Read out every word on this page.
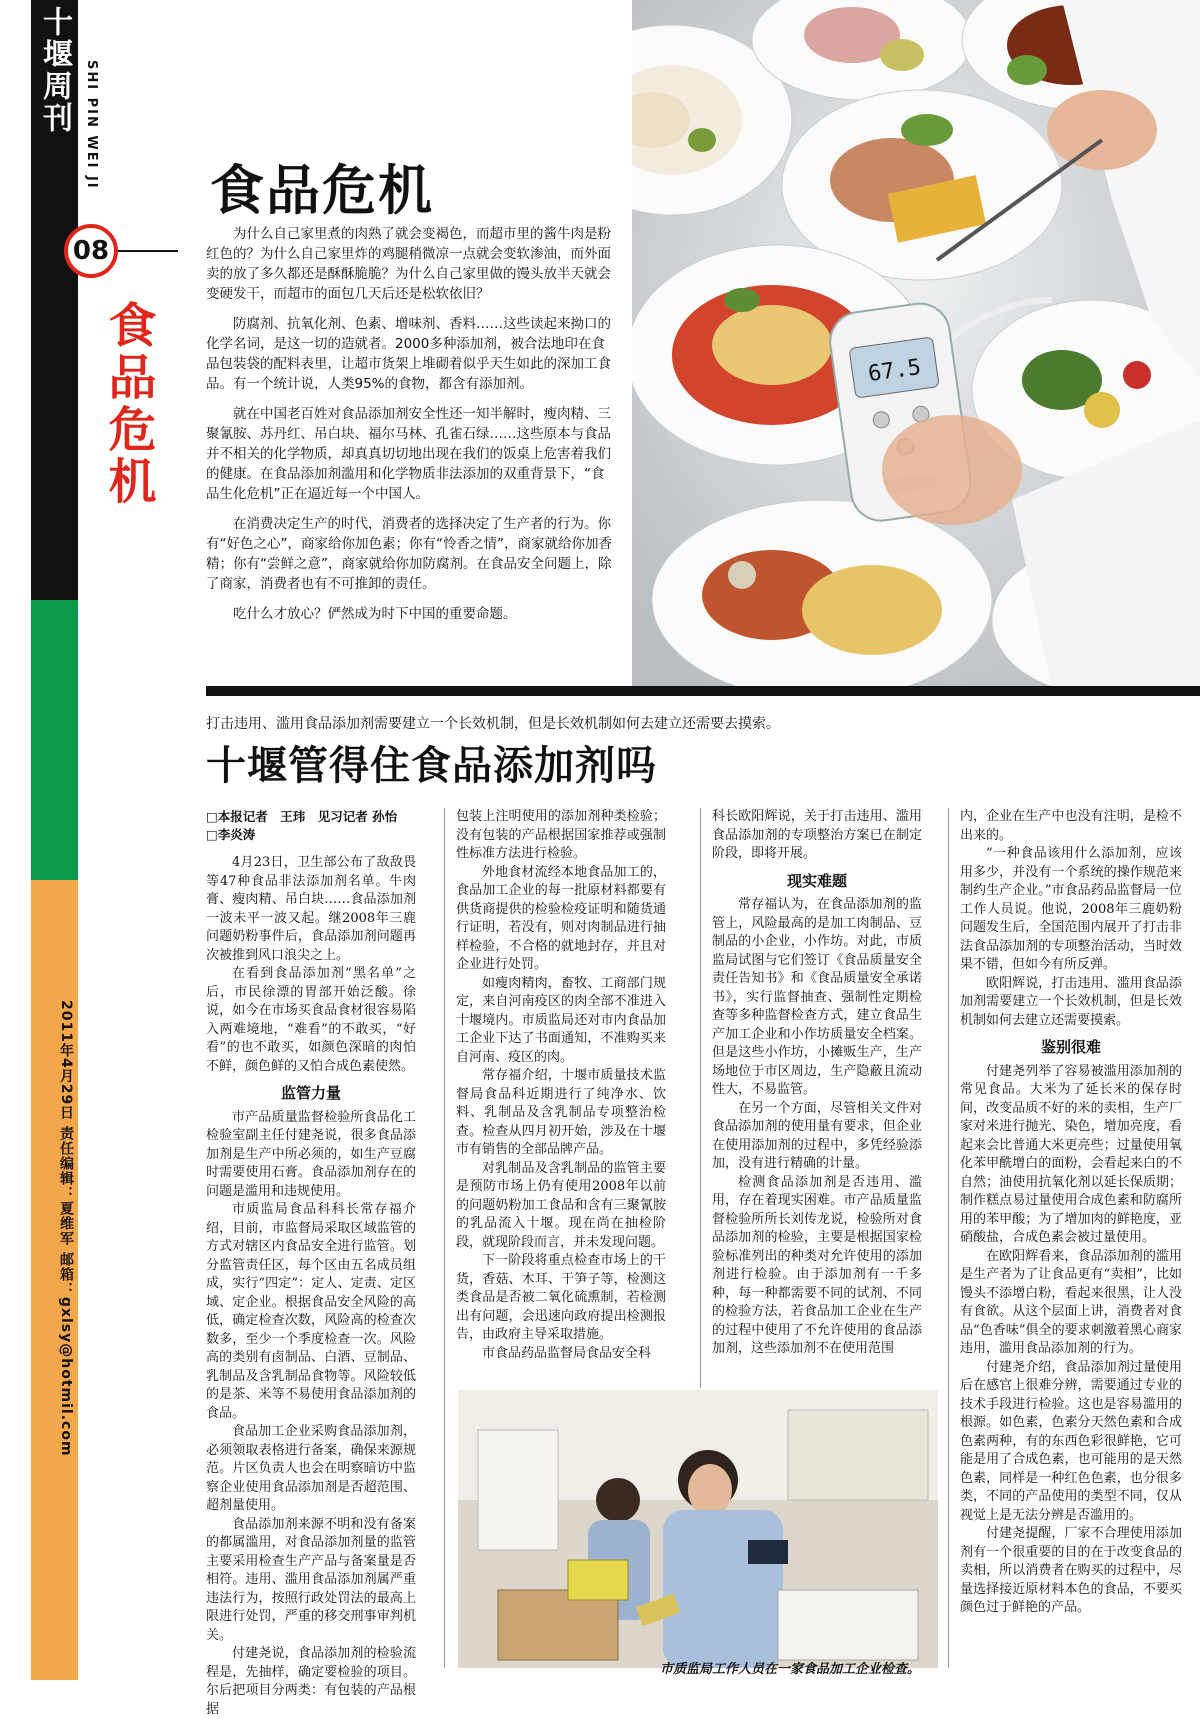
十堰周刊 SHI PIN WEI JI
08
食品危机
2011年4月29日 责任编辑：夏维军 邮箱：gxlsy@hotmil.com
食品危机

为什么自己家里煮的肉熟了就会变褐色，而超市里的酱牛肉是粉红色的？为什么自己家里炸的鸡腿稍微凉一点就会变软渗油，而外面卖的放了多久都还是酥酥脆脆？为什么自己家里做的馒头放半天就会变硬发干，而超市的面包几天后还是松软依旧？

防腐剂、抗氧化剂、色素、增味剂、香料……这些读起来拗口的化学名词，是这一切的造就者。2000多种添加剂，被合法地印在食品包装袋的配料表里，让超市货架上堆砌着似乎天生如此的深加工食品。有一个统计说，人类95%的食物，都含有添加剂。

就在中国老百姓对食品添加剂安全性还一知半解时，瘦肉精、三聚氰胺、苏丹红、吊白块、福尔马林、孔雀石绿……这些原本与食品并不相关的化学物质，却真真切切地出现在我们的饭桌上危害着我们的健康。在食品添加剂滥用和化学物质非法添加的双重背景下，“食品生化危机”正在逼近每一个中国人。

在消费决定生产的时代，消费者的选择决定了生产者的行为。你有“好色之心”，商家给你加色素；你有“怜香之情”，商家就给你加香精；你有“尝鲜之意”，商家就给你加防腐剂。在食品安全问题上，除了商家，消费者也有不可推卸的责任。

吃什么才放心？俨然成为时下中国的重要命题。

67.5
打击违用、滥用食品添加剂需要建立一个长效机制，但是长效机制如何去建立还需要去摸索。
十堰管得住食品添加剂吗
□本报记者　王玮　见习记者 孙怡
□李炎涛

4月23日，卫生部公布了敌敌畏等47种食品非法添加剂名单。牛肉膏、瘦肉精、吊白块……食品添加剂一波未平一波又起。继2008年三鹿问题奶粉事件后，食品添加剂问题再次被推到风口浪尖之上。

在看到食品添加剂“黑名单”之后，市民徐漂的胃部开始泛酸。徐说，如今在市场买食品食材很容易陷入两难境地，“难看”的不敢买，“好看”的也不敢买，如颜色深暗的肉怕不鲜，颜色鲜的又怕合成色素使然。

监管力量

市产品质量监督检验所食品化工检验室副主任付建尧说，很多食品添加剂是生产中所必须的，如生产豆腐时需要使用石膏。食品添加剂存在的问题是滥用和违规使用。

市质监局食品科科长常存福介绍，目前，市监督局采取区域监管的方式对辖区内食品安全进行监管。划分监管责任区，每个区由五名成员组成，实行“四定”：定人、定责、定区域、定企业。根据食品安全风险的高低，确定检查次数，风险高的检查次数多，至少一个季度检查一次。风险高的类别有卤制品、白酒、豆制品、乳制品及含乳制品食物等。风险较低的是茶、米等不易使用食品添加剂的食品。

食品加工企业采购食品添加剂，必须领取表格进行备案，确保来源规范。片区负责人也会在明察暗访中监察企业使用食品添加剂是否超范围、超剂量使用。

食品添加剂来源不明和没有备案的都属滥用，对食品添加剂量的监管主要采用检查生产产品与备案量是否相符。违用、滥用食品添加剂属严重违法行为，按照行政处罚法的最高上限进行处罚，严重的移交刑事审判机关。

付建尧说，食品添加剂的检验流程是，先抽样，确定要检验的项目。尔后把项目分两类：有包装的产品根据

包装上注明使用的添加剂种类检验；没有包装的产品根据国家推荐或强制性标准方法进行检验。

外地食材流经本地食品加工的，食品加工企业的每一批原材料都要有供货商提供的检验检疫证明和随货通行证明，若没有，则对肉制品进行抽样检验，不合格的就地封存，并且对企业进行处罚。

如瘦肉精肉，畜牧、工商部门规定，来自河南疫区的肉全部不准进入十堰境内。市质监局还对市内食品加工企业下达了书面通知，不准购买来自河南、疫区的肉。

常存福介绍，十堰市质量技术监督局食品科近期进行了纯净水、饮料、乳制品及含乳制品专项整治检查。检查从四月初开始，涉及在十堰市有销售的全部品牌产品。

对乳制品及含乳制品的监管主要是预防市场上仍有使用2008年以前的问题奶粉加工食品和含有三聚氰胺的乳品流入十堰。现在尚在抽检阶段，就现阶段而言，并未发现问题。

下一阶段将重点检查市场上的干货，香菇、木耳、干笋子等，检测这类食品是否被二氧化硫熏制，若检测出有问题，会迅速向政府提出检测报告，由政府主导采取措施。

市食品药品监督局食品安全科

科长欧阳辉说，关于打击违用、滥用食品添加剂的专项整治方案已在制定阶段，即将开展。

现实难题

常存福认为，在食品添加剂的监管上，风险最高的是加工肉制品、豆制品的小企业，小作坊。对此，市质监局试图与它们签订《食品质量安全责任告知书》和《食品质量安全承诺书》，实行监督抽查、强制性定期检查等多种监督检查方式，建立食品生产加工企业和小作坊质量安全档案。但是这些小作坊，小摊贩生产，生产场地位于市区周边，生产隐蔽且流动性大，不易监管。

在另一个方面，尽管相关文件对食品添加剂的使用量有要求，但企业在使用添加剂的过程中，多凭经验添加，没有进行精确的计量。

检测食品添加剂是否违用、滥用，存在着现实困难。市产品质量监督检验所所长刘传龙说，检验所对食品添加剂的检验，主要是根据国家检验标准列出的种类对允许使用的添加剂进行检验。由于添加剂有一千多种，每一种都需要不同的试剂、不同的检验方法，若食品加工企业在生产的过程中使用了不允许使用的食品添加剂，这些添加剂不在使用范围

内，企业在生产中也没有注明，是检不出来的。

“一种食品该用什么添加剂，应该用多少，并没有一个系统的操作规范来制约生产企业。”市食品药品监督局一位工作人员说。他说，2008年三鹿奶粉问题发生后，全国范围内展开了打击非法食品添加剂的专项整治活动，当时效果不错，但如今有所反弹。

欧阳辉说，打击违用、滥用食品添加剂需要建立一个长效机制，但是长效机制如何去建立还需要摸索。

鉴别很难

付建尧列举了容易被滥用添加剂的常见食品。大米为了延长米的保存时间，改变品质不好的米的卖相，生产厂家对米进行抛光、染色，增加亮度，看起来会比普通大米更亮些；过量使用氧化苯甲酰增白的面粉，会看起来白的不自然；油使用抗氧化剂以延长保质期；制作糕点易过量使用合成色素和防腐所用的苯甲酸；为了增加肉的鲜艳度，亚硝酸盐，合成色素会被过量使用。

在欧阳辉看来，食品添加剂的滥用是生产者为了让食品更有“卖相”，比如馒头不添增白粉，看起来很黑，让人没有食欲。从这个层面上讲，消费者对食品“色香味”俱全的要求刺激着黑心商家违用，滥用食品添加剂的行为。

付建尧介绍，食品添加剂过量使用后在感官上很难分辨，需要通过专业的技术手段进行检验。这也是容易滥用的根源。如色素，色素分天然色素和合成色素两种，有的东西色彩很鲜艳，它可能是用了合成色素，也可能用的是天然色素，同样是一种红色色素，也分很多类，不同的产品使用的类型不同，仅从视觉上是无法分辨是否滥用的。

付建尧提醒，厂家不合理使用添加剂有一个很重要的目的在于改变食品的卖相，所以消费者在购买的过程中，尽量选择接近原材料本色的食品，不要买颜色过于鲜艳的产品。

市质监局工作人员在一家食品加工企业检查。
